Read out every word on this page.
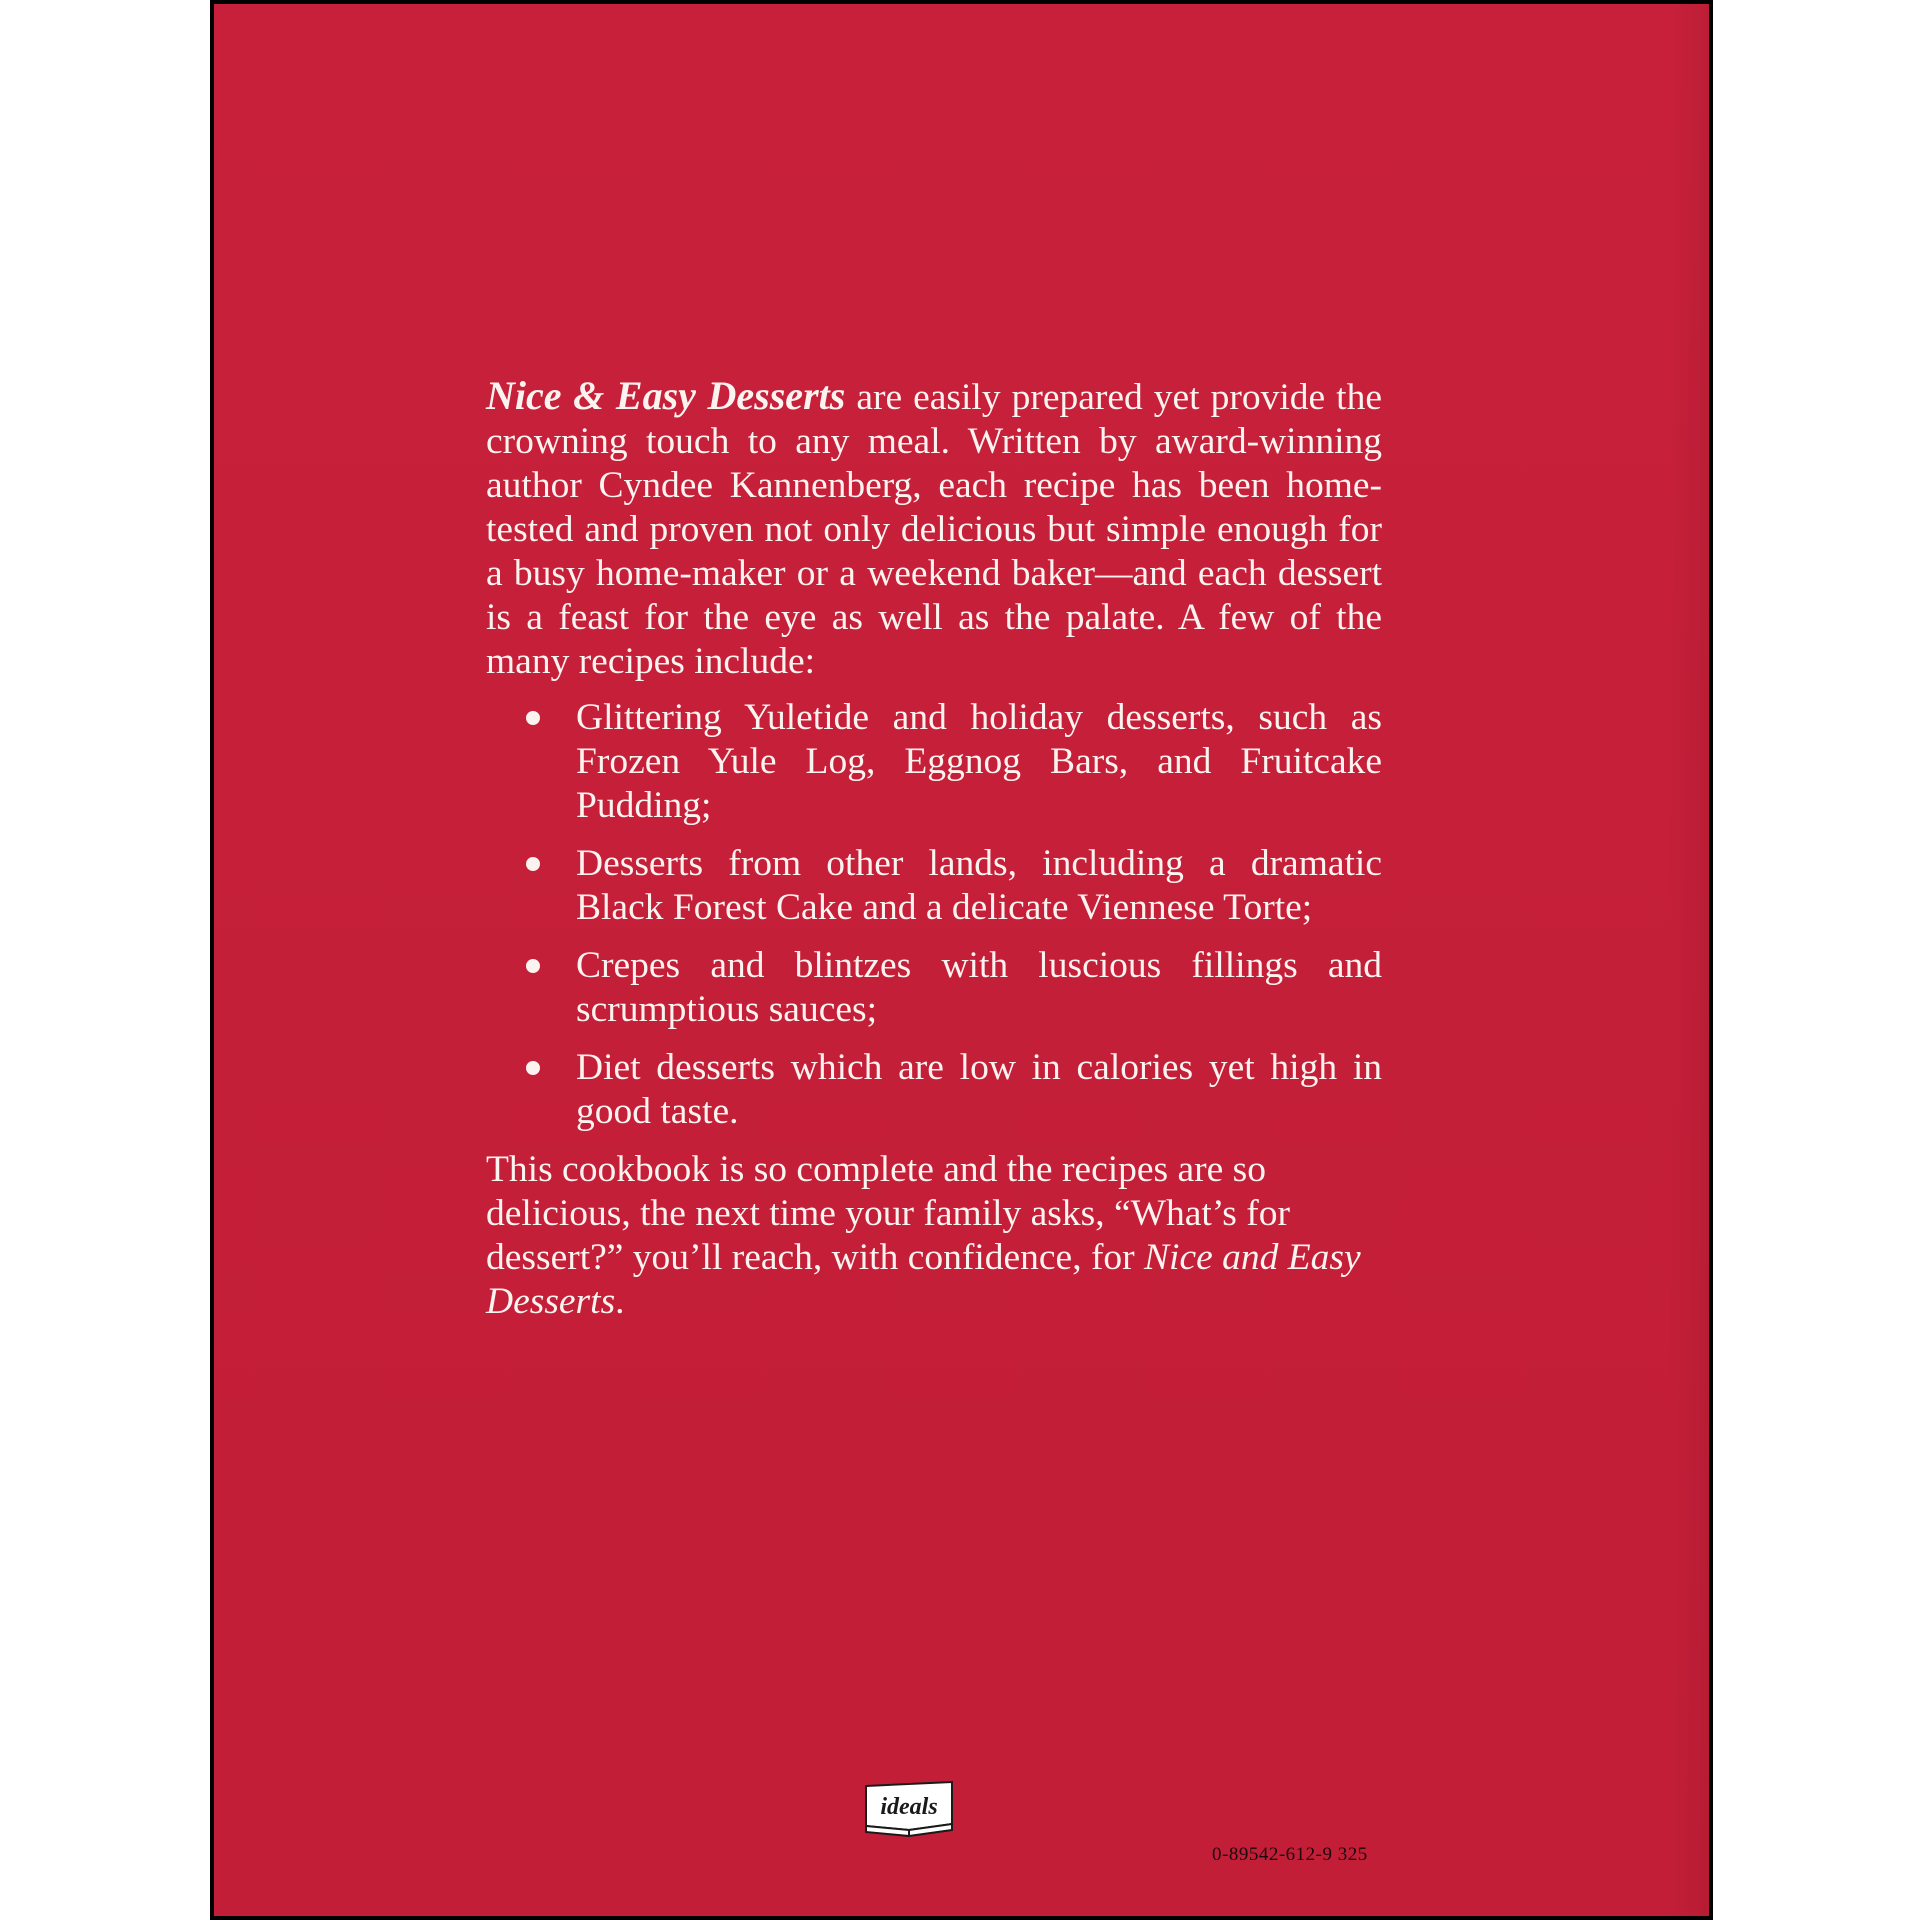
Nice & Easy Desserts are easily prepared yet provide the crowning touch to any meal. Written by award-winning author Cyndee Kannenberg, each recipe has been home-tested and proven not only delicious but simple enough for a busy home-maker or a weekend baker—and each dessert is a feast for the eye as well as the palate. A few of the many recipes include:

Glittering Yuletide and holiday desserts, such as Frozen Yule Log, Eggnog Bars, and Fruitcake Pudding;
Desserts from other lands, including a dramatic Black Forest Cake and a delicate Viennese Torte;
Crepes and blintzes with luscious fillings and scrumptious sauces;
Diet desserts which are low in calories yet high in good taste.

This cookbook is so complete and the recipes are so delicious, the next time your family asks, “What’s for dessert?” you’ll reach, with confidence, for Nice and Easy Desserts.

ideals
0-89542-612-9 325
